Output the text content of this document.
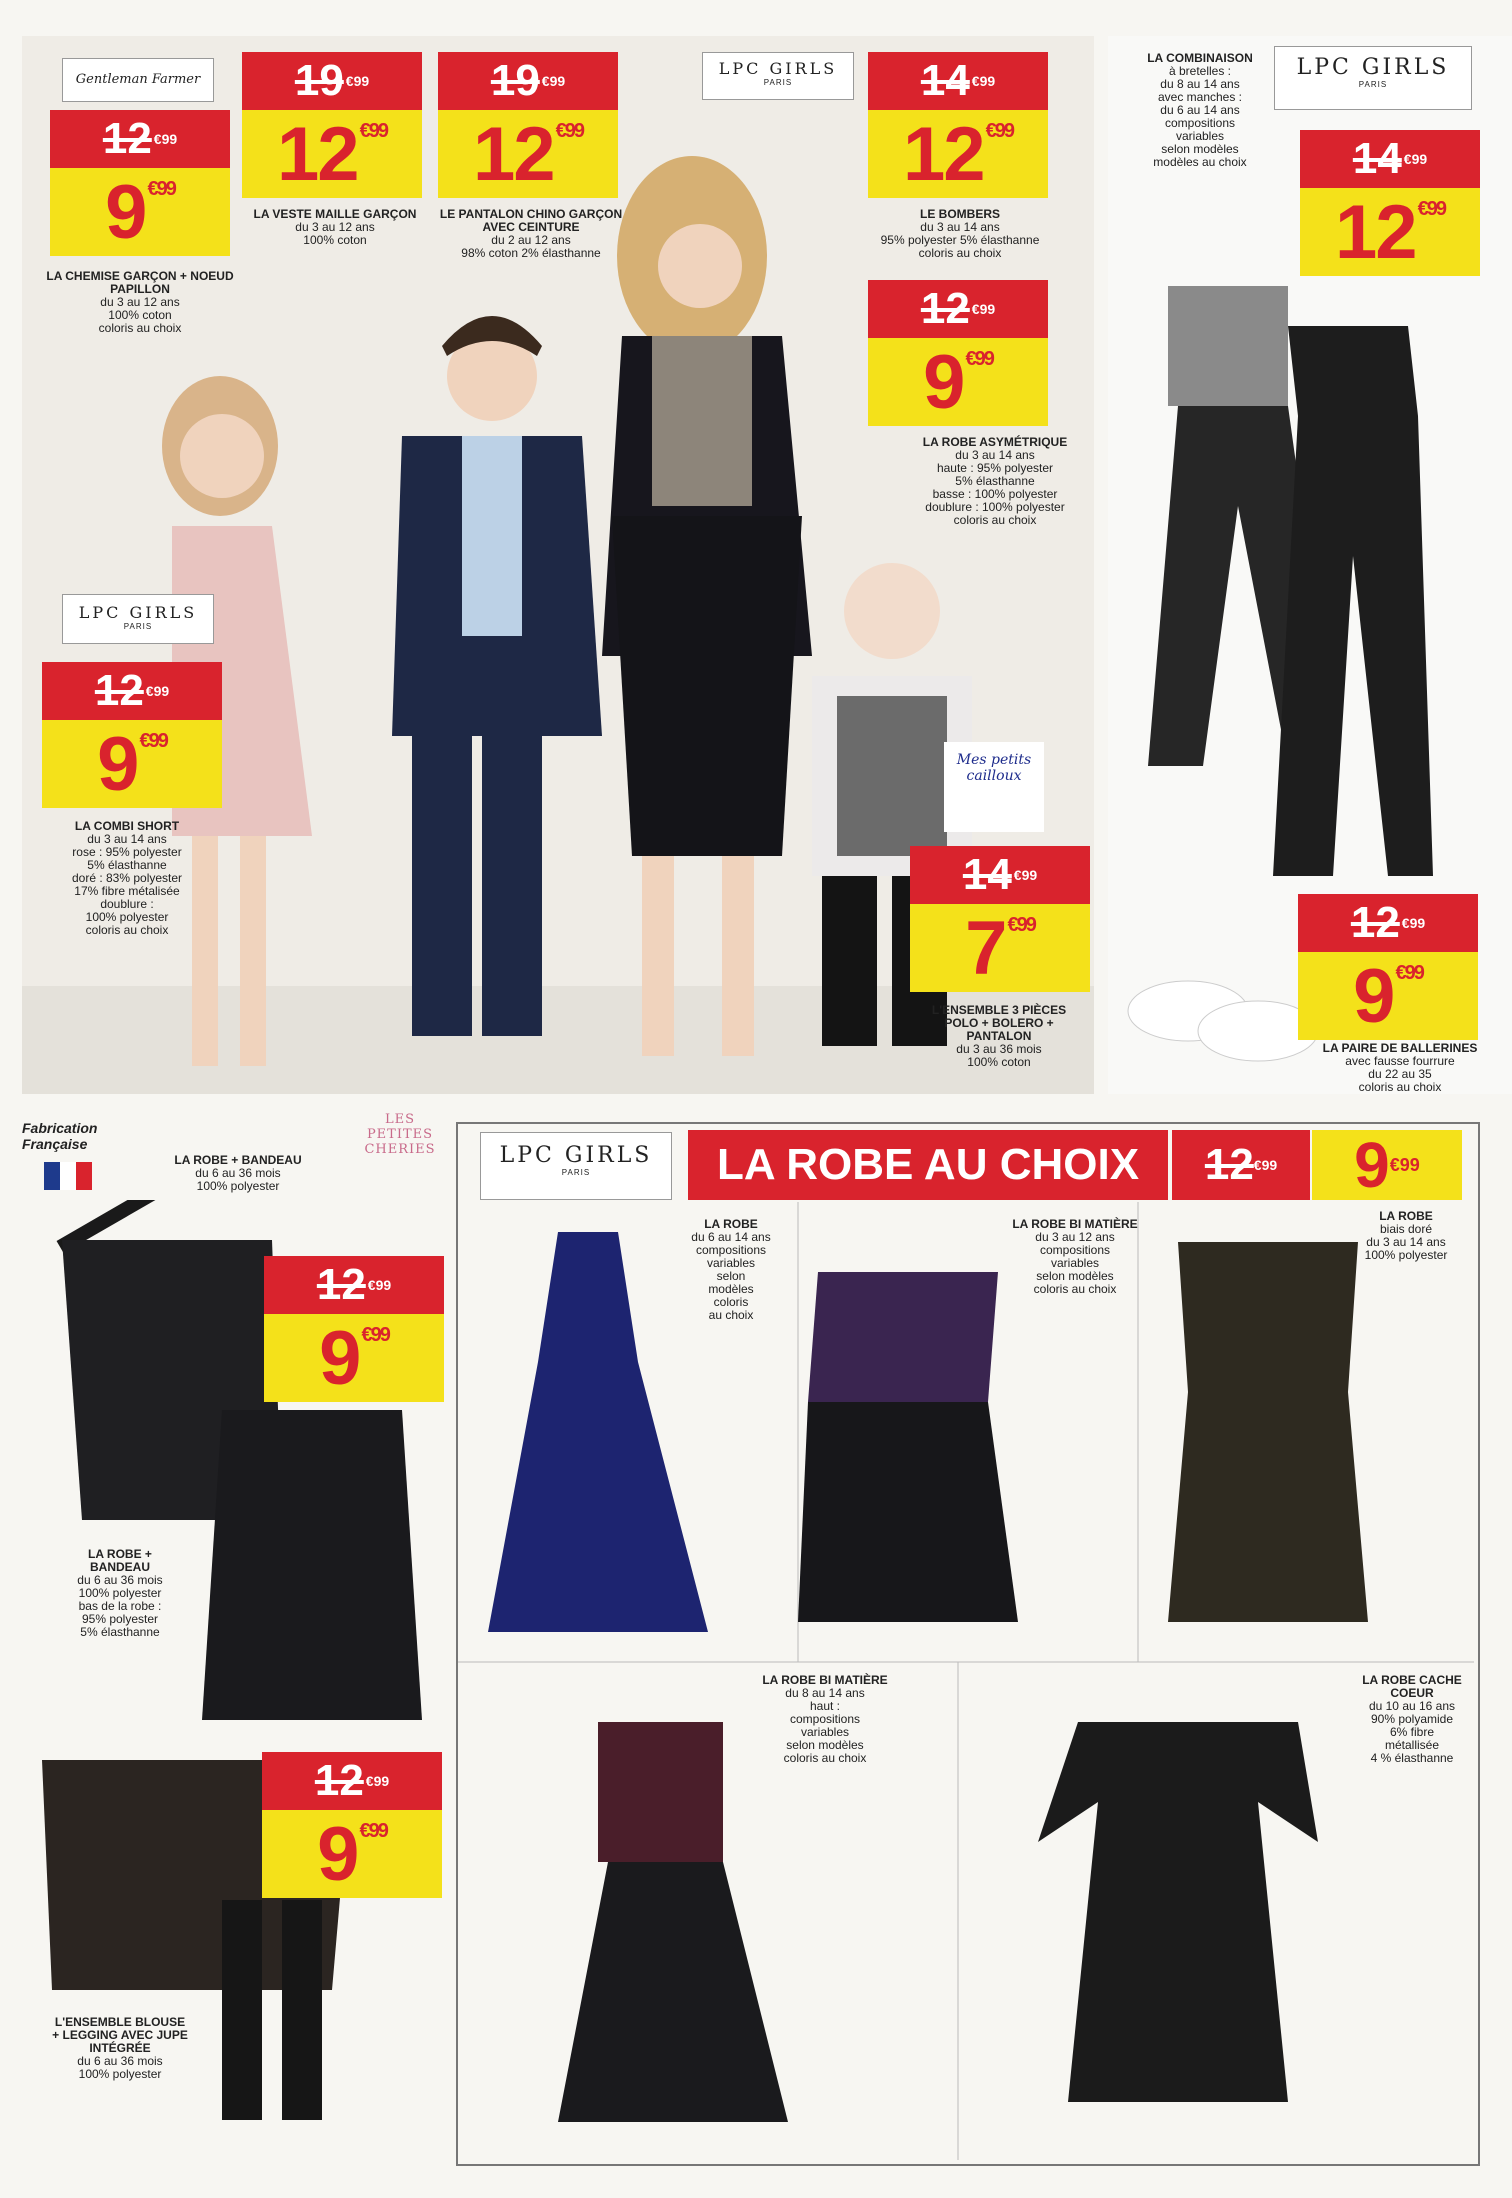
Gentleman Farmer
LPC GIRLS
PARIS
LPC GIRLS
PARIS
LPC GIRLS
PARIS
Mes petits cailloux
LPC GIRLS
PARIS
LES PETITES CHERIES
12 €99
$9^{€99}$
19 €99
$12^{€99}$
19 €99
$12^{€99}$
14 €99
$12^{€99}$
12 €99
$9^{€99}$
14 €99
$12^{€99}$
12 €99
$9^{€99}$
14 €99
$7^{€99}$	12 €99
$9^{€99}$
LA CHEMISE GARÇON + NOEUD PAPILLON
du 3 au 12 ans
100% coton
coloris au choix
LA VESTE MAILLE GARÇON
du 3 au 12 ans
100% coton
LE PANTALON CHINO GARÇON AVEC CEINTURE
du 2 au 12 ans
98% coton 2% élasthanne
LE BOMBERS
du 3 au 14 ans
95% polyester 5% élasthanne
coloris au choix
LA ROBE ASYMÉTRIQUE
du 3 au 14 ans
haute : 95% polyester
5% élasthanne
basse : 100% polyester
doublure : 100% polyester
coloris au choix
LA COMBINAISON
à bretelles :
du 8 au 14 ans
avec manches :
du 6 au 14 ans
compositions
variables
selon modèles
modèles au choix
LA COMBI SHORT
du 3 au 14 ans
rose : 95% polyester
5% élasthanne
doré : 83% polyester
17% fibre métalisée
doublure :
100% polyester
coloris au choix
L'ENSEMBLE 3 PIÈCES POLO + BOLERO + PANTALON
du 3 au 36 mois
100% coton
LA PAIRE DE BALLERINES
avec fausse fourrure
du 22 au 35
coloris au choix
Fabrication
Française
12 €99
$9^{€99}$
12 €99
$9^{€99}$
LA ROBE + BANDEAU
du 6 au 36 mois
100% polyester
LA ROBE + BANDEAU
du 6 au 36 mois
100% polyester
bas de la robe :
95% polyester
5% élasthanne
L'ENSEMBLE BLOUSE + LEGGING AVEC JUPE INTÉGRÉE
du 6 au 36 mois
100% polyester
LA ROBE AU CHOIX	12 €99 9 €99
LA ROBE
du 6 au 14 ans
compositions
variables
selon
modèles
coloris
au choix
LA ROBE BI MATIÈRE
du 3 au 12 ans
compositions
variables
selon modèles
coloris au choix
LA ROBE
biais doré
du 3 au 14 ans
100% polyester
LA ROBE BI MATIÈRE
du 8 au 14 ans
haut :
compositions
variables
selon modèles
coloris au choix
LA ROBE CACHE COEUR
du 10 au 16 ans
90% polyamide
6% fibre
métallisée
4 % élasthanne
